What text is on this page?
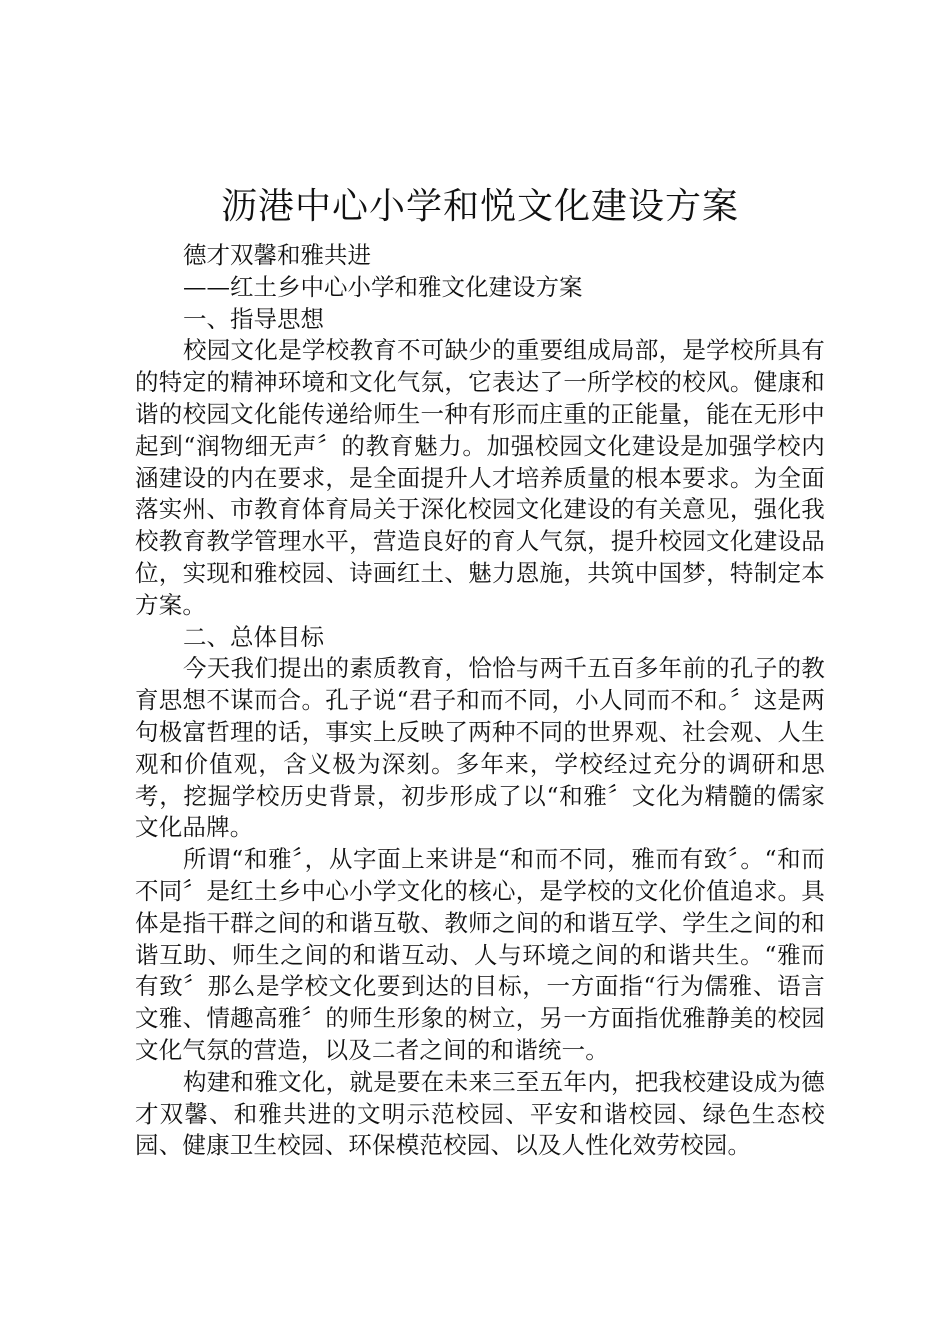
沥港中心小学和悦文化建设方案

德才双馨和雅共进

——红土乡中心小学和雅文化建设方案

一、指导思想

校园文化是学校教育不可缺少的重要组成局部，是学校所具有的特定的精神环境和文化气氛，它表达了一所学校的校风。健康和谐的校园文化能传递给师生一种有形而庄重的正能量，能在无形中起到“润物细无声〞的教育魅力。加强校园文化建设是加强学校内涵建设的内在要求，是全面提升人才培养质量的根本要求。为全面落实州、市教育体育局关于深化校园文化建设的有关意见，强化我校教育教学管理水平，营造良好的育人气氛，提升校园文化建设品位，实现和雅校园、诗画红土、魅力恩施，共筑中国梦，特制定本方案。

二、总体目标

今天我们提出的素质教育，恰恰与两千五百多年前的孔子的教育思想不谋而合。孔子说“君子和而不同，小人同而不和。〞这是两句极富哲理的话，事实上反映了两种不同的世界观、社会观、人生观和价值观，含义极为深刻。多年来，学校经过充分的调研和思考，挖掘学校历史背景，初步形成了以“和雅〞文化为精髓的儒家文化品牌。

所谓“和雅〞，从字面上来讲是“和而不同，雅而有致〞。“和而不同〞是红土乡中心小学文化的核心，是学校的文化价值追求。具体是指干群之间的和谐互敬、教师之间的和谐互学、学生之间的和谐互助、师生之间的和谐互动、人与环境之间的和谐共生。“雅而有致〞那么是学校文化要到达的目标，一方面指“行为儒雅、语言文雅、情趣高雅〞的师生形象的树立，另一方面指优雅静美的校园文化气氛的营造，以及二者之间的和谐统一。

构建和雅文化，就是要在未来三至五年内，把我校建设成为德才双馨、和雅共进的文明示范校园、平安和谐校园、绿色生态校园、健康卫生校园、环保模范校园、以及人性化效劳校园。
